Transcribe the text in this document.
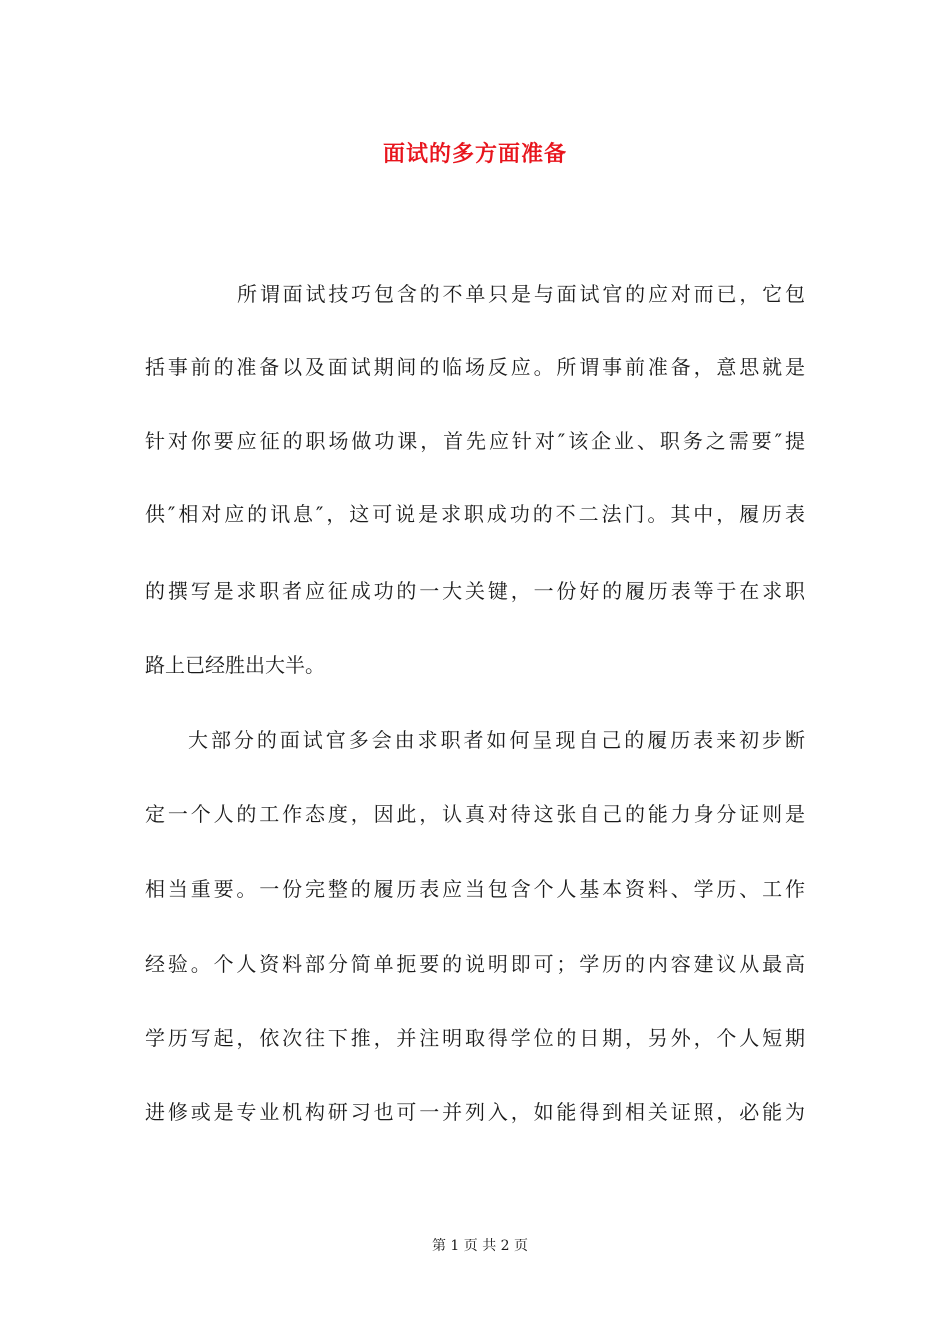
面试的多方面准备
所谓面试技巧包含的不单只是与面试官的应对而已，它包
括事前的准备以及面试期间的临场反应。所谓事前准备，意思就是
针对你要应征的职场做功课，首先应针对″该企业、职务之需要″提
供″相对应的讯息″，这可说是求职成功的不二法门。其中，履历表
的撰写是求职者应征成功的一大关键，一份好的履历表等于在求职
路上已经胜出大半。
大部分的面试官多会由求职者如何呈现自己的履历表来初步断
定一个人的工作态度，因此，认真对待这张自己的能力身分证则是
相当重要。一份完整的履历表应当包含个人基本资料、学历、工作
经验。个人资料部分简单扼要的说明即可；学历的内容建议从最高
学历写起，依次往下推，并注明取得学位的日期，另外，个人短期
进修或是专业机构研习也可一并列入，如能得到相关证照，必能为
第 1 页 共 2 页
